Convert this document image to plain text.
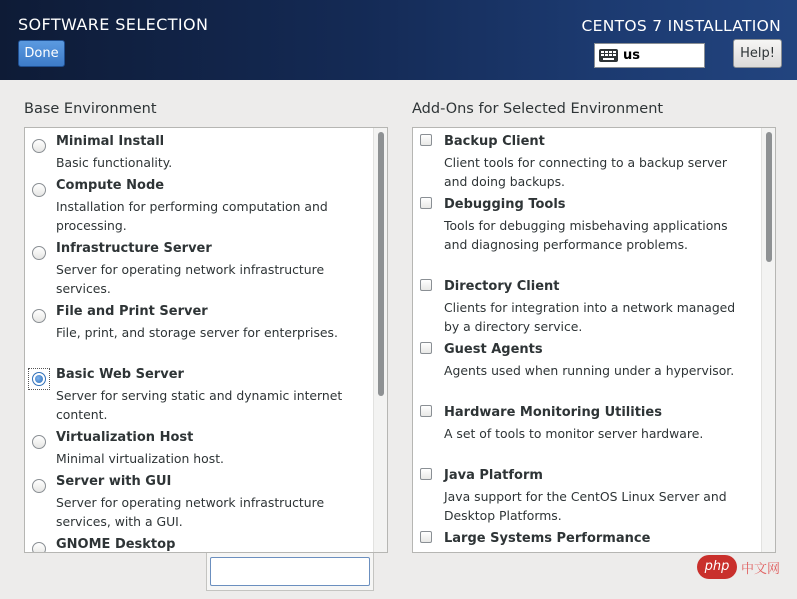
SOFTWARE SELECTION
Done
CENTOS 7 INSTALLATION
us	Help!
Base Environment	Add-Ons for Selected Environment
Minimal Install
Basic functionality.
Compute Node
Installation for performing computation and processing.
Infrastructure Server
Server for operating network infrastructure services.
File and Print Server
File, print, and storage server for enterprises.
Basic Web Server
Server for serving static and dynamic internet content.
Virtualization Host
Minimal virtualization host.
Server with GUI
Server for operating network infrastructure services, with a GUI.
GNOME Desktop
Backup Client
Client tools for connecting to a backup server and doing backups.
Debugging Tools
Tools for debugging misbehaving applications and diagnosing performance problems.
Directory Client
Clients for integration into a network managed by a directory service.
Guest Agents
Agents used when running under a hypervisor.
Hardware Monitoring Utilities
A set of tools to monitor server hardware.
Java Platform
Java support for the CentOS Linux Server and Desktop Platforms.
Large Systems Performance
php 中文网
